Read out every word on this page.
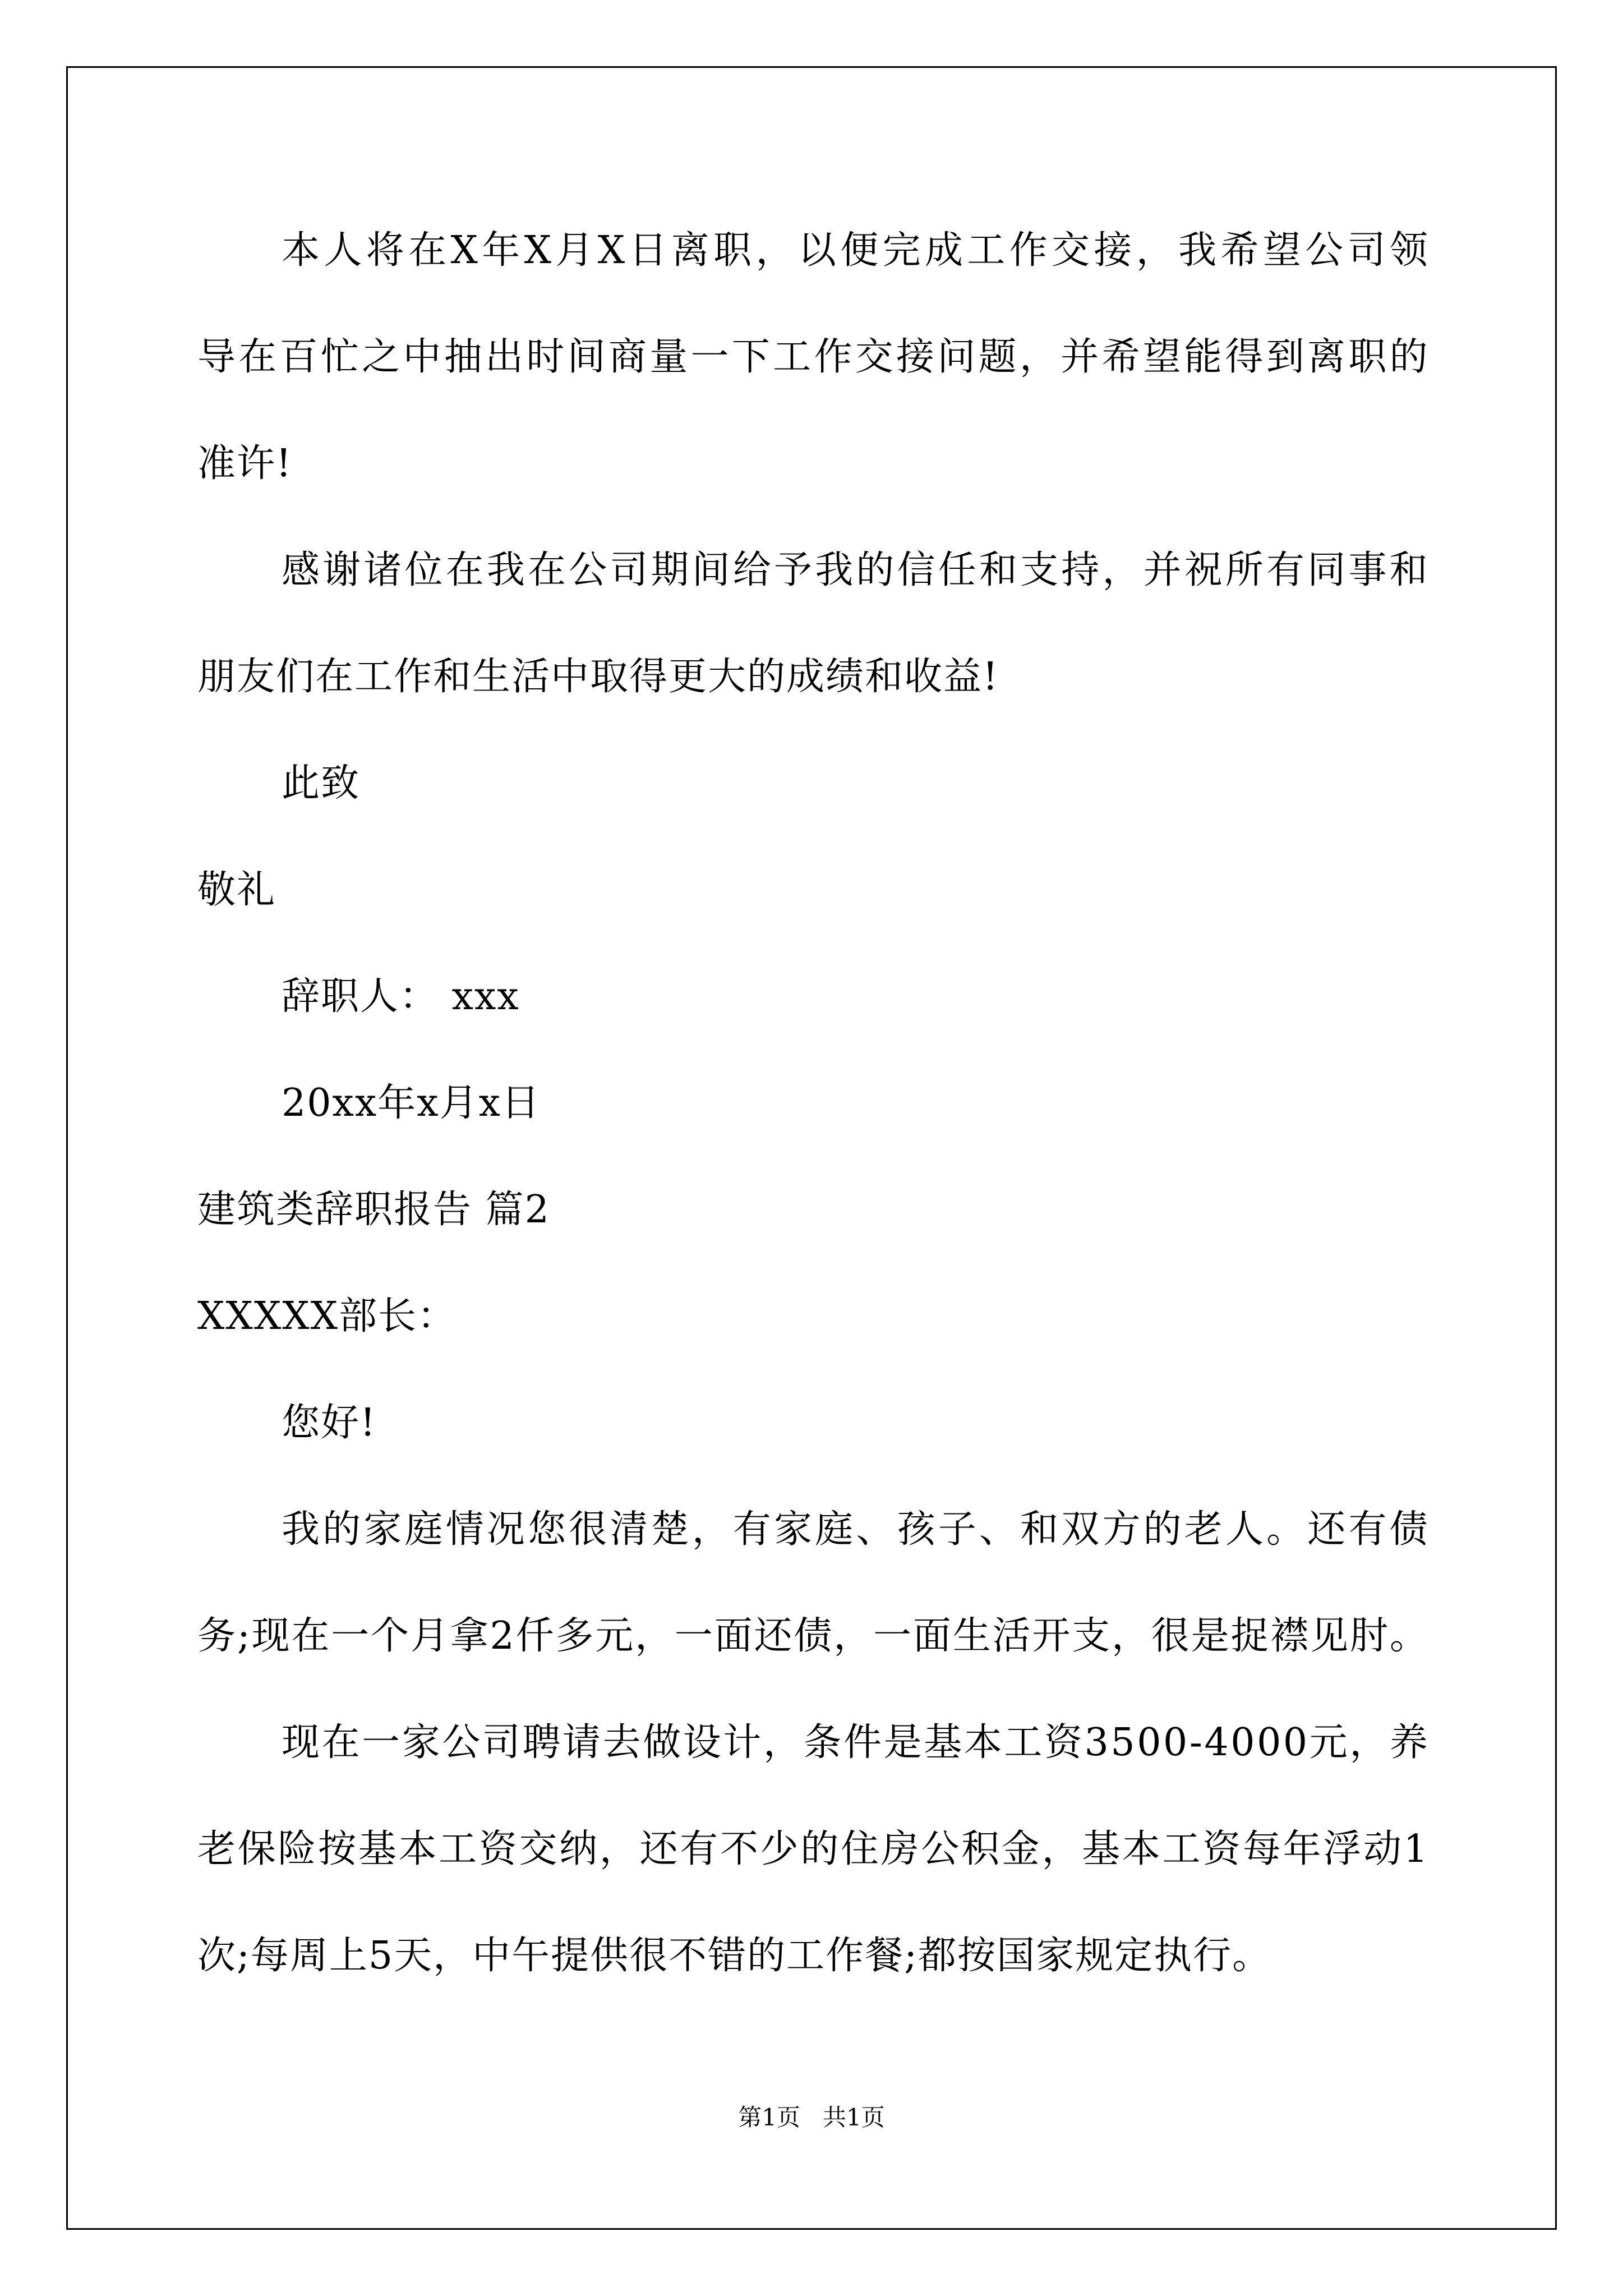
本 人 将 在 X 年 X 月 X 日 离 职 ， 以 便 完 成 工 作 交 接 ， 我 希 望 公 司 领
导 在 百 忙 之 中 抽 出 时 间 商 量 一 下 工 作 交 接 问 题 ， 并 希 望 能 得 到 离 职 的
准许!
感 谢 诸 位 在 我 在 公 司 期 间 给 予 我 的 信 任 和 支 持 ， 并 祝 所 有 同 事 和
朋友们在工作和生活中取得更大的成绩和收益!
此致
敬礼
辞职人： xxx
20xx年x月x日
建筑类辞职报告 篇2
XXXXX部长：
您好!
我 的 家 庭 情 况 您 很 清 楚 ， 有 家 庭 、 孩 子 、 和 双 方 的 老 人 。 还 有 债
务 ; 现 在 一 个 月 拿 2 仟 多 元 ， 一 面 还 债 ， 一 面 生 活 开 支 ， 很 是 捉 襟 见 肘 。
现 在 一 家 公 司 聘 请 去 做 设 计 ， 条 件 是 基 本 工 资 3 5 0 0 - 4 0 0 0 元 ， 养
老 保 险 按 基 本 工 资 交 纳 ， 还 有 不 少 的 住 房 公 积 金 ， 基 本 工 资 每 年 浮 动 1
次;每周上5天，中午提供很不错的工作餐;都按国家规定执行。
第1页   共1页
